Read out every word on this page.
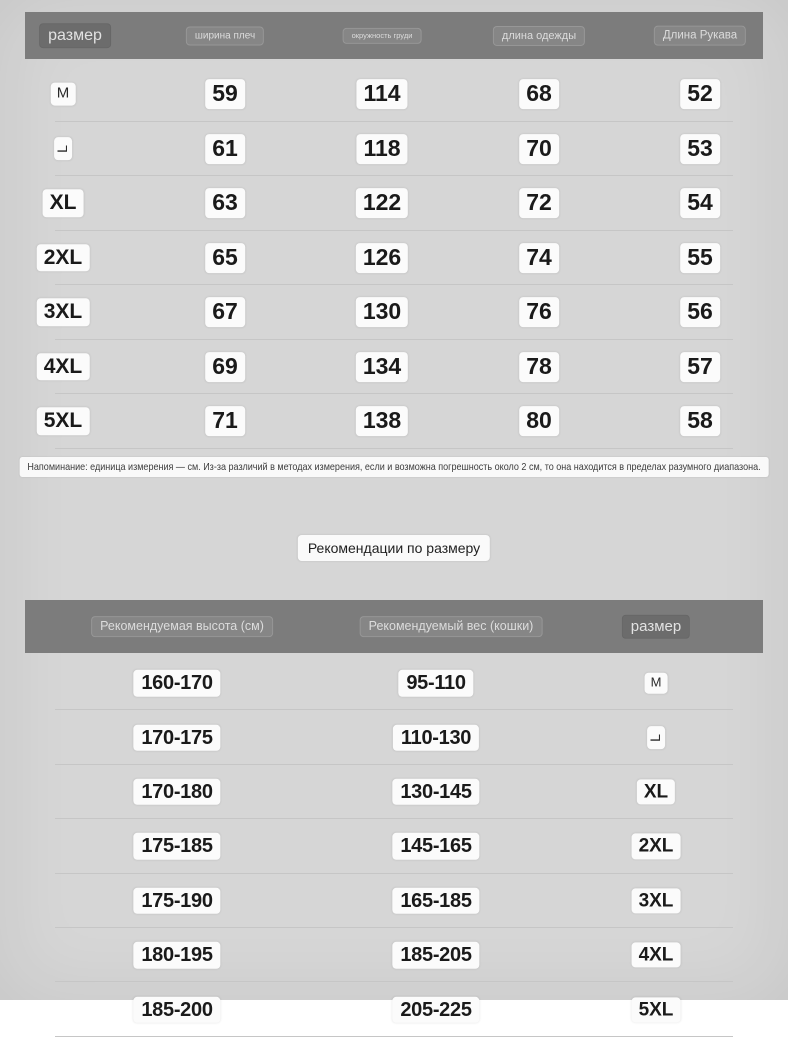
размер	ширина плеч	окружность груди	длина одежды	Длина Рукава
M	59	114	68	52
L	61	118	70	53
XL	63	122	72	54
2XL	65	126	74	55
3XL	67	130	76	56
4XL	69	134	78	57
5XL	71	138	80	58
Напоминание: единица измерения — см. Из-за различий в методах измерения, если и возможна погрешность около 2 см, то она находится в пределах разумного диапазона.
Рекомендации по размеру
Рекомендуемая высота (см)	Рекомендуемый вес (кошки)	размер
160-170	95-110	M
170-175	110-130	L
170-180	130-145	XL
175-185	145-165	2XL
175-190	165-185	3XL
180-195	185-205	4XL
185-200	205-225	5XL
